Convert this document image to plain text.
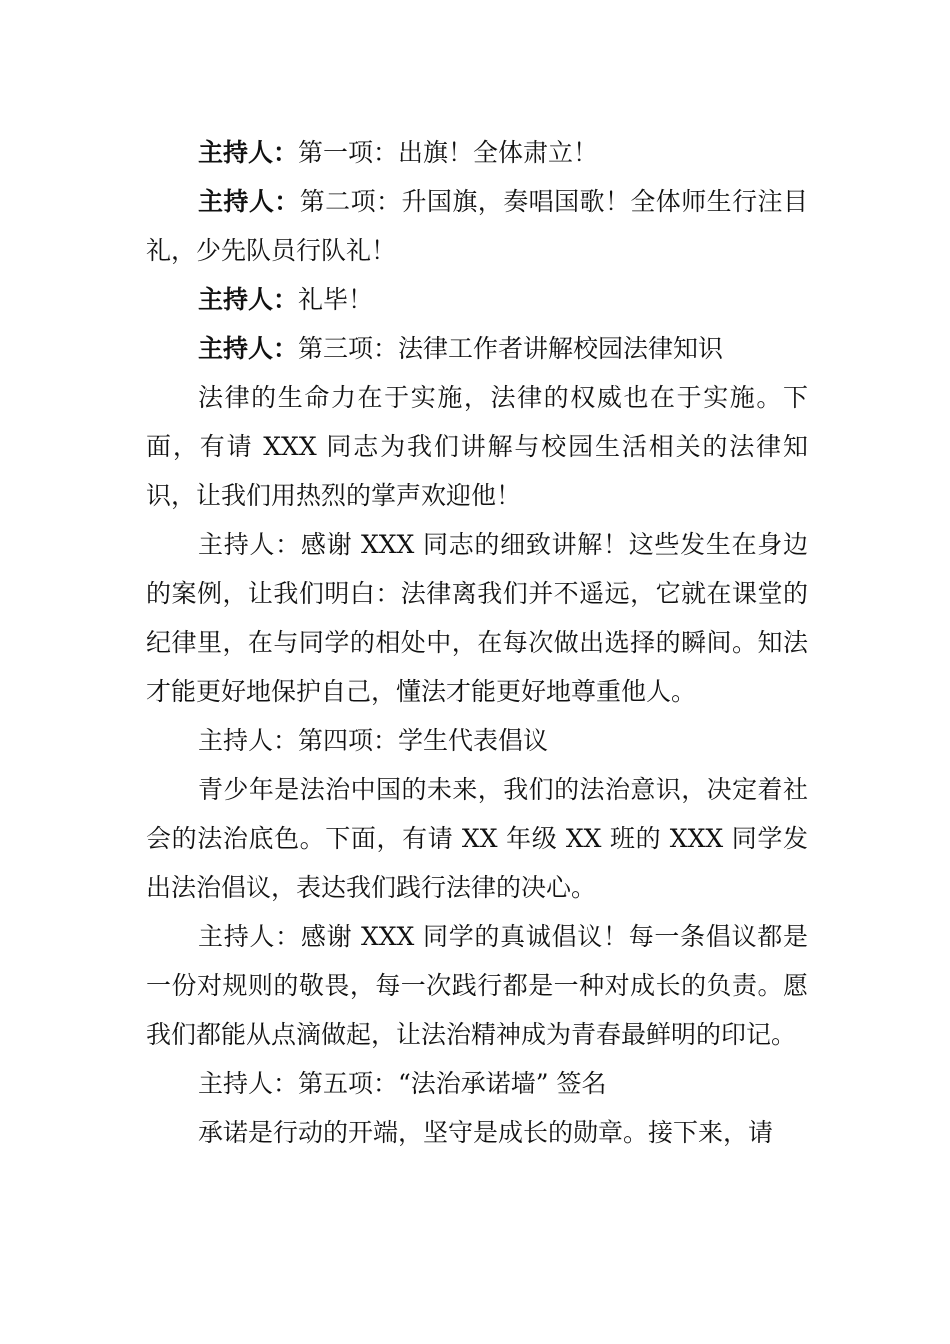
主持人：第一项：出旗！全体肃立！

主持人：第二项：升国旗，奏唱国歌！全体师生行注目礼，少先队员行队礼！

主持人：礼毕！

主持人：第三项：法律工作者讲解校园法律知识

法律的生命力在于实施，法律的权威也在于实施。下面，有请 XXX 同志为我们讲解与校园生活相关的法律知识，让我们用热烈的掌声欢迎他！

主持人：感谢 XXX 同志的细致讲解！这些发生在身边的案例，让我们明白：法律离我们并不遥远，它就在课堂的纪律里，在与同学的相处中，在每次做出选择的瞬间。知法才能更好地保护自己，懂法才能更好地尊重他人。

主持人：第四项：学生代表倡议

青少年是法治中国的未来，我们的法治意识，决定着社会的法治底色。下面，有请 XX 年级 XX 班的 XXX 同学发出法治倡议，表达我们践行法律的决心。

主持人：感谢 XXX 同学的真诚倡议！每一条倡议都是一份对规则的敬畏，每一次践行都是一种对成长的负责。愿我们都能从点滴做起，让法治精神成为青春最鲜明的印记。

主持人：第五项：“法治承诺墙” 签名

承诺是行动的开端，坚守是成长的勋章。接下来，请
